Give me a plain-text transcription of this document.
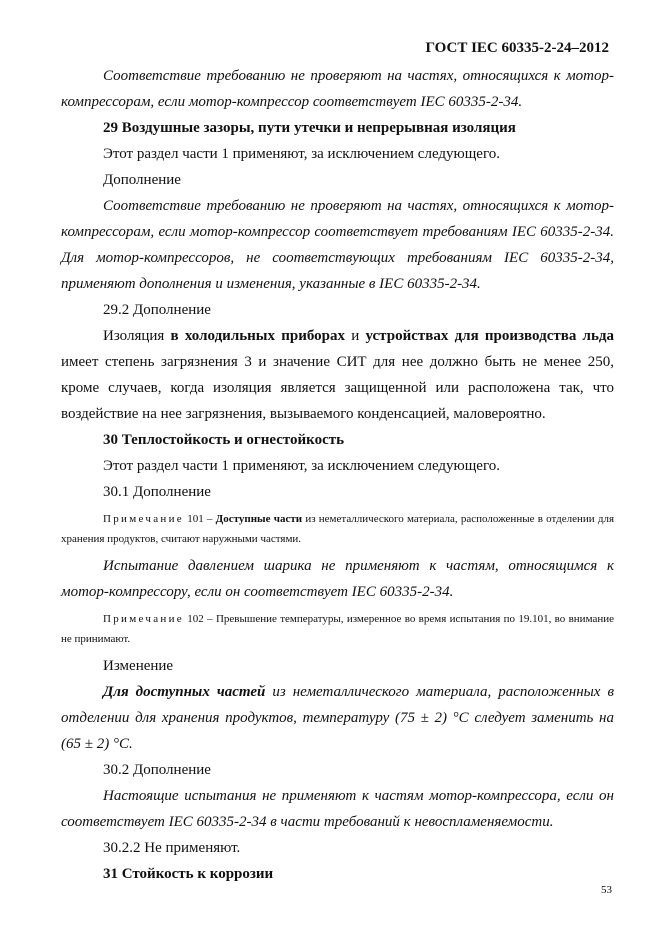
ГОСТ IEC 60335-2-24–2012

Соответствие требованию не проверяют на частях, относящихся к мотор-компрессорам, если мотор-компрессор соответствует IEC 60335-2-34.

29 Воздушные зазоры, пути утечки и непрерывная изоляция

Этот раздел части 1 применяют, за исключением следующего.

Дополнение

Соответствие требованию не проверяют на частях, относящихся к мотор-компрессорам, если мотор-компрессор соответствует требованиям IEC 60335-2-34. Для мотор-компрессоров, не соответствующих требованиям IEC 60335-2-34, применяют дополнения и изменения, указанные в IEC 60335-2-34.

29.2 Дополнение

Изоляция в холодильных приборах и устройствах для производства льда имеет степень загрязнения 3 и значение СИТ для нее должно быть не менее 250, кроме случаев, когда изоляция является защищенной или расположена так, что воздействие на нее загрязнения, вызываемого конденсацией, маловероятно.

30 Теплостойкость и огнестойкость

Этот раздел части 1 применяют, за исключением следующего.

30.1 Дополнение

Примечание 101 – Доступные части из неметаллического материала, расположенные в отделении для хранения продуктов, считают наружными частями.

Испытание давлением шарика не применяют к частям, относящимся к мотор-компрессору, если он соответствует IEC 60335-2-34.

Примечание 102 – Превышение температуры, измеренное во время испытания по 19.101, во внимание не принимают.

Изменение

Для доступных частей из неметаллического материала, расположенных в отделении для хранения продуктов, температуру (75 ± 2) °С следует заменить на (65 ± 2) °С.

30.2 Дополнение

Настоящие испытания не применяют к частям мотор-компрессора, если он соответствует IEC 60335-2-34 в части требований к невоспламеняемости.

30.2.2 Не применяют.

31 Стойкость к коррозии

53
